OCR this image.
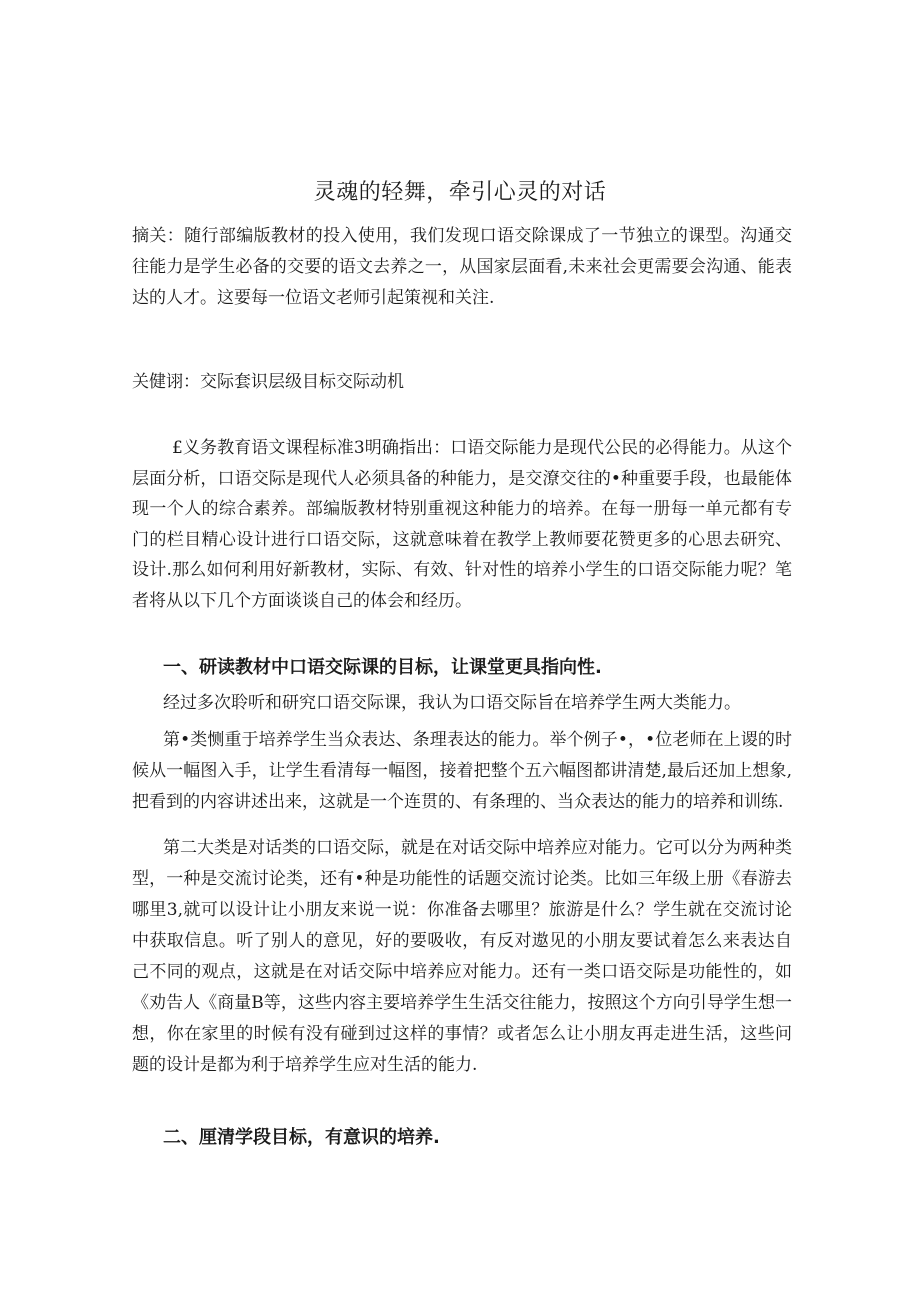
灵魂的轻舞，牵引心灵的对话

摘关：随行部编版教材的投入使用，我们发现口语交除课成了一节独立的课型。沟通交往能力是学生必备的交要的语文去养之一，从国家层面看,未来社会更需要会沟通、能表达的人才。这要每一位语文老师引起策视和关注.

关健诩：交际套识层级目标交际动机

£义务教育语文课程标准3明确指出：口语交际能力是现代公民的必得能力。从这个层面分析，口语交际是现代人必须具备的种能力，是交潦交往的•种重要手段，也最能体现一个人的综合素养。部编版教材特别重视这种能力的培养。在每一册每一单元都有专门的栏目精心设计进行口语交际，这就意味着在教学上教师要花赞更多的心思去研究、设计.那么如何利用好新教材，实际、有效、针对性的培养小学生的口语交际能力呢？笔者将从以下几个方面谈谈自己的体会和经历。

一、研读教材中口语交际课的目标，让课堂更具指向性.

经过多次聆听和研究口语交际课，我认为口语交际旨在培养学生两大类能力。

第•类恻重于培养学生当众表达、条理表达的能力。举个例子•，•位老师在上谡的时候从一幅图入手，让学生看清每一幅图，接着把整个五六幅图都讲清楚,最后还加上想象,把看到的内容讲述出来，这就是一个连贯的、有条理的、当众表达的能力的培养和训练.

第二大类是对话类的口语交际，就是在对话交际中培养应对能力。它可以分为两种类型，一种是交流讨论类，还有•种是功能性的话题交流讨论类。比如三年级上册《春游去哪里3,就可以设计让小朋友来说一说：你准备去哪里？旅游是什么？学生就在交流讨论中获取信息。听了别人的意见，好的要吸收，有反对遨见的小朋友要试着怎么来表达自己不同的观点，这就是在对话交际中培养应对能力。还有一类口语交际是功能性的，如《劝告人《商量B等，这些内容主要培养学生生活交往能力，按照这个方向引导学生想一想，你在家里的时候有没有碰到过这样的事情？或者怎么让小朋友再走进生活，这些问题的设计是都为利于培养学生应对生活的能力.

二、厘清学段目标，有意识的培养.
